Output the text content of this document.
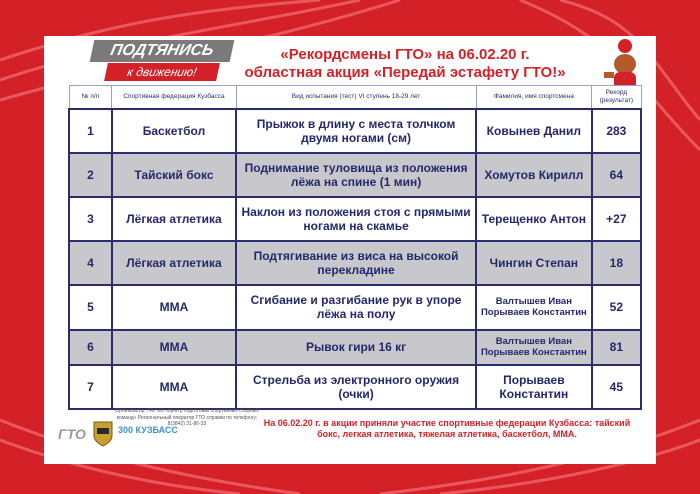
ПОДТЯНИСЬ
к движению!
«Рекордсмены ГТО» на 06.02.20 г.
областная акция «Передай эстафету ГТО!»
№ п/п	Спортивная федерация Кузбасса	Вид испытания (тест) VI ступень 18-29 лет	Фамилия, имя спортсмена	Рекорд (результат)
1	Баскетбол	Прыжок в длину с места толчком двумя ногами (см)	Ковынев Данил	283
2	Тайский бокс	Поднимание туловища из положения лёжа на спине (1 мин)	Хомутов Кирилл	64
3	Лёгкая атлетика	Наклон из положения стоя с прямыми ногами на скамье	Терещенко Антон	+27
4	Лёгкая атлетика	Подтягивание из виса на высокой перекладине	Чингин Степан	18
5	ММА	Сгибание и разгибание рук в упоре лёжа на полу	Валтышев Иван Порываев Константин	52
6	ММА	Рывок гири 16 кг	Валтышев Иван Порываев Константин	81
7	ММА	Стрельба из электронного оружия (очки)	Порываев Константин	45
ГТО	300 КУЗБАСС
Организатор: ГАУ КО «Центр подготовки спортивных сборных команд» Региональный оператор ГТО справки по телефону: 8(3842) 31-86-33	На 06.02.20 г. в акции приняли участие спортивные федерации Кузбасса: тайский бокс, легкая атлетика, тяжелая атлетика, баскетбол, ММА.
